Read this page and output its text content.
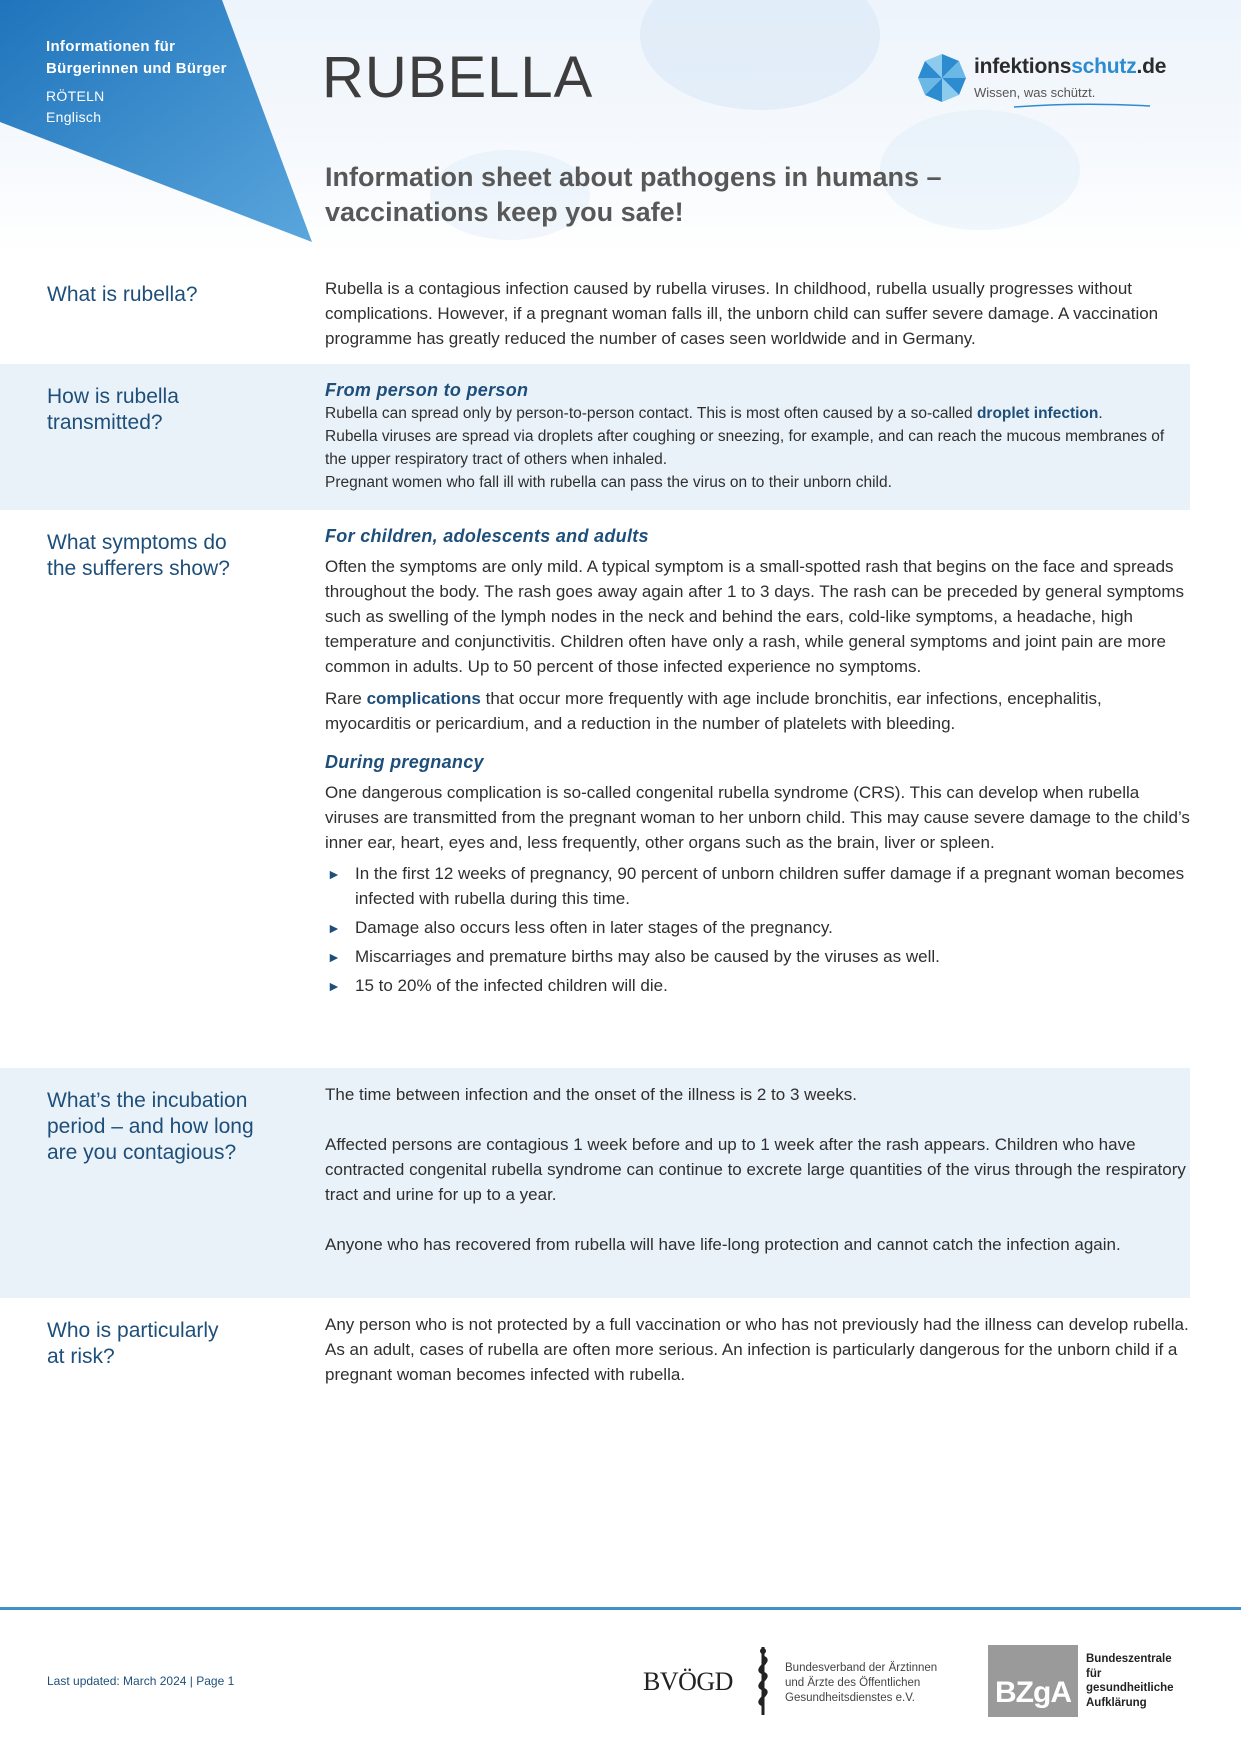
Informationen für
Bürgerinnen und Bürger
RÖTELN
Englisch
RUBELLA
Information sheet about pathogens in humans –
vaccinations keep you safe!
infektionsschutz.de
Wissen, was schützt.
What is rubella?	Rubella is a contagious infection caused by rubella viruses. In childhood, rubella usually progresses without complications. However, if a pregnant woman falls ill, the unborn child can suffer severe damage. A vaccination programme has greatly reduced the number of cases seen worldwide and in Germany.

How is rubella
transmitted?
From person to person

Rubella can spread only by person-to-person contact. This is most often caused by a so-called droplet infection.

Rubella viruses are spread via droplets after coughing or sneezing, for example, and can reach the mucous membranes of the upper respiratory tract of others when inhaled.

Pregnant women who fall ill with rubella can pass the virus on to their unborn child.

What symptoms do
the sufferers show?
For children, adolescents and adults

Often the symptoms are only mild. A typical symptom is a small-spotted rash that begins on the face and spreads throughout the body. The rash goes away again after 1 to 3 days. The rash can be preceded by general symptoms such as swelling of the lymph nodes in the neck and behind the ears, cold-like symptoms, a headache, high temperature and conjunctivitis. Children often have only a rash, while general symptoms and joint pain are more common in adults. Up to 50 percent of those infected experience no symptoms.

Rare complications that occur more frequently with age include bronchitis, ear infections, encephalitis, myocarditis or pericardium, and a reduction in the number of platelets with bleeding.

During pregnancy

One dangerous complication is so-called congenital rubella syndrome (CRS). This can develop when rubella viruses are transmitted from the pregnant woman to her unborn child. This may cause severe damage to the child’s inner ear, heart, eyes and, less frequently, other organs such as the brain, liver or spleen.

► In the first 12 weeks of pregnancy, 90 percent of unborn children suffer damage if a pregnant woman becomes infected with rubella during this time.
► Damage also occurs less often in later stages of the pregnancy.
► Miscarriages and premature births may also be caused by the viruses as well.
► 15 to 20% of the infected children will die.
What’s the incubation
period – and how long
are you contagious?

The time between infection and the onset of the illness is 2 to 3 weeks.

Affected persons are contagious 1 week before and up to 1 week after the rash appears. Children who have contracted congenital rubella syndrome can continue to excrete large quantities of the virus through the respiratory tract and urine for up to a year.

Anyone who has recovered from rubella will have life-long protection and cannot catch the infection again.

Who is particularly
at risk?

Any person who is not protected by a full vaccination or who has not previously had the illness can develop rubella. As an adult, cases of rubella are often more serious. An infection is particularly dangerous for the unborn child if a pregnant woman becomes infected with rubella.

Last updated: March 2024 | Page 1	BVÖGD	Bundesverband der Ärztinnen
und Ärzte des Öffentlichen
Gesundheitsdienstes e.V.	BZgA
Bundeszentrale
für
gesundheitliche
Aufklärung
